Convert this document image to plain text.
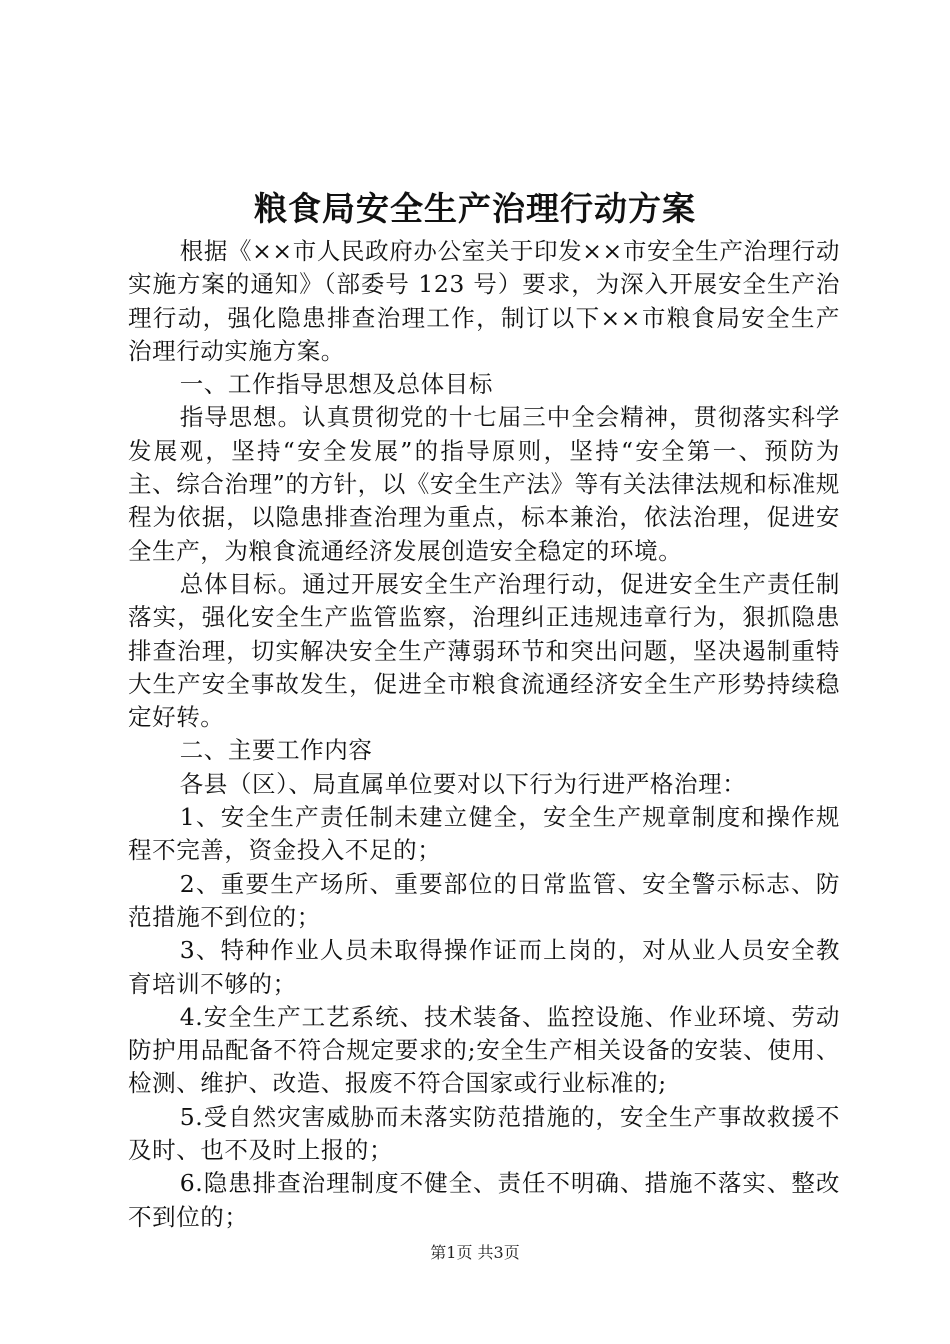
粮食局安全生产治理行动方案

根据《××市人民政府办公室关于印发××市安全生产治理行动实施方案的通知》（部委号 123 号）要求，为深入开展安全生产治理行动，强化隐患排查治理工作，制订以下××市粮食局安全生产治理行动实施方案。

一、工作指导思想及总体目标

指导思想。认真贯彻党的十七届三中全会精神，贯彻落实科学发展观，坚持“安全发展”的指导原则，坚持“安全第一、预防为主、综合治理”的方针，以《安全生产法》等有关法律法规和标准规程为依据，以隐患排查治理为重点，标本兼治，依法治理，促进安全生产，为粮食流通经济发展创造安全稳定的环境。

总体目标。通过开展安全生产治理行动，促进安全生产责任制落实，强化安全生产监管监察，治理纠正违规违章行为，狠抓隐患排查治理，切实解决安全生产薄弱环节和突出问题，坚决遏制重特大生产安全事故发生，促进全市粮食流通经济安全生产形势持续稳定好转。

二、主要工作内容

各县（区）、局直属单位要对以下行为行进严格治理：

1、安全生产责任制未建立健全，安全生产规章制度和操作规程不完善，资金投入不足的；

2、重要生产场所、重要部位的日常监管、安全警示标志、防范措施不到位的；

3、特种作业人员未取得操作证而上岗的，对从业人员安全教育培训不够的；

4.安全生产工艺系统、技术装备、监控设施、作业环境、劳动防护用品配备不符合规定要求的;安全生产相关设备的安装、使用、检测、维护、改造、报废不符合国家或行业标准的;

5.受自然灾害威胁而未落实防范措施的，安全生产事故救援不及时、也不及时上报的；

6.隐患排查治理制度不健全、责任不明确、措施不落实、整改不到位的；

第1页 共3页
